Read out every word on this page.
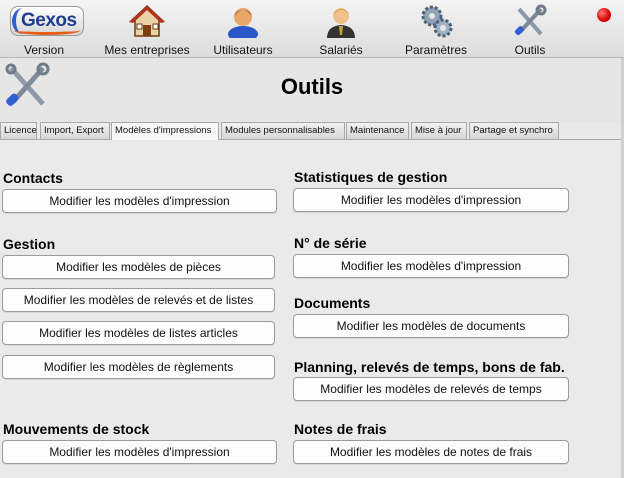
Gexos
Version	Mes entreprises	Utilisateurs	Salariés	Paramètres	Outils
Outils
Licence Import, Export	Modèles d'impressions	Modules personnalisables	Maintenance	Mise à jour	Partage et synchro
Contacts
Modifier les modèles d'impression
Gestion
Modifier les modèles de pièces
Modifier les modèles de relevés et de listes
Modifier les modèles de listes articles
Modifier les modèles de règlements
Mouvements de stock
Modifier les modèles d'impression
Statistiques de gestion
Modifier les modèles d'impression
N° de série
Modifier les modèles d'impression
Documents
Modifier les modèles de documents
Planning, relevés de temps, bons de fab.
Modifier les modèles de relevés de temps
Notes de frais
Modifier les modèles de notes de frais
